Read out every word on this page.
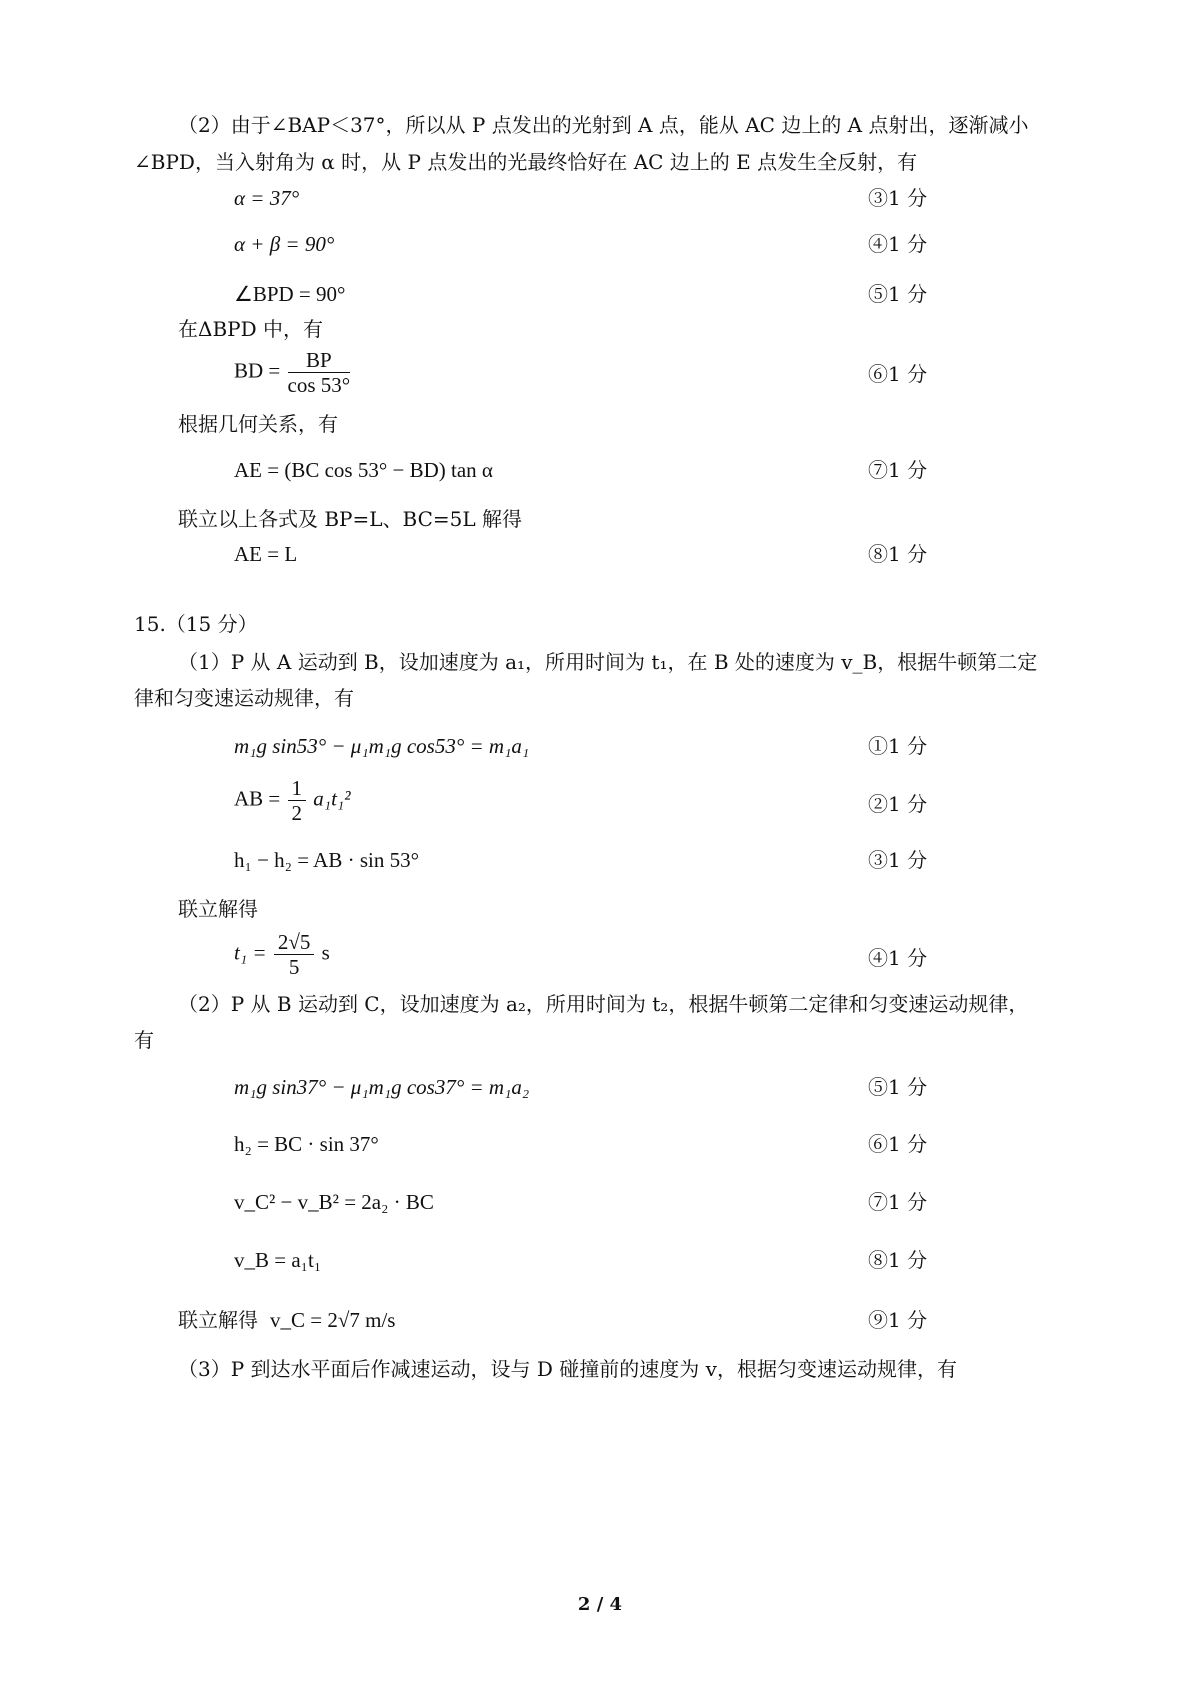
（2）由于∠BAP＜37°，所以从 P 点发出的光射到 A 点，能从 AC 边上的 A 点射出，逐渐减小
∠BPD，当入射角为 α 时，从 P 点发出的光最终恰好在 AC 边上的 E 点发生全反射，有
α = 37°	③1 分
α + β = 90°	④1 分
∠BPD = 90°	⑤1 分
在ΔBPD 中，有
BD = $\frac{BP}{\cos 53^\circ}$	⑥1 分
根据几何关系，有
AE = (BC cos 53° − BD) tan α	⑦1 分
联立以上各式及 BP=L、BC=5L 解得
AE = L	⑧1 分
15.（15 分）
（1）P 从 A 运动到 B，设加速度为 a₁，所用时间为 t₁，在 B 处的速度为 v_B，根据牛顿第二定
律和匀变速运动规律，有
m₁g sin53° − μ₁m₁g cos53° = m₁a₁	①1 分
AB = $\frac{1}{2} a_1t_1^2$	②1 分
h₁ − h₂ = AB · sin 53°	③1 分
联立解得
$t_1 = \frac{2√5}{5}$ s	④1 分
（2）P 从 B 运动到 C，设加速度为 a₂，所用时间为 t₂，根据牛顿第二定律和匀变速运动规律，
有
m₁g sin37° − μ₁m₁g cos37° = m₁a₂	⑤1 分
h₂ = BC · sin 37°	⑥1 分
v_C² − v_B² = 2a₂ · BC	⑦1 分
v_B = a₁t₁	⑧1 分
联立解得 v_C = 2√7 m/s	⑨1 分
（3）P 到达水平面后作减速运动，设与 D 碰撞前的速度为 v，根据匀变速运动规律，有
2 / 4
